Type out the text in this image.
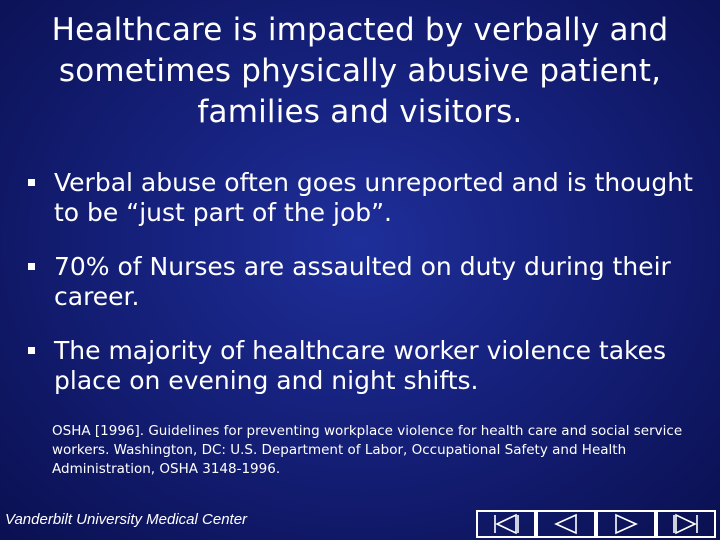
Healthcare is impacted by verbally and sometimes physically abusive patient, families and visitors.
Verbal abuse often goes unreported and is thought to be “just part of the job”.
70% of Nurses are assaulted on duty during their career.
The majority of healthcare worker violence takes place on evening and night shifts.

OSHA [1996]. Guidelines for preventing workplace violence for health care and social service workers. Washington, DC: U.S. Department of Labor, Occupational Safety and Health Administration, OSHA 3148-1996.

Vanderbilt University Medical Center
